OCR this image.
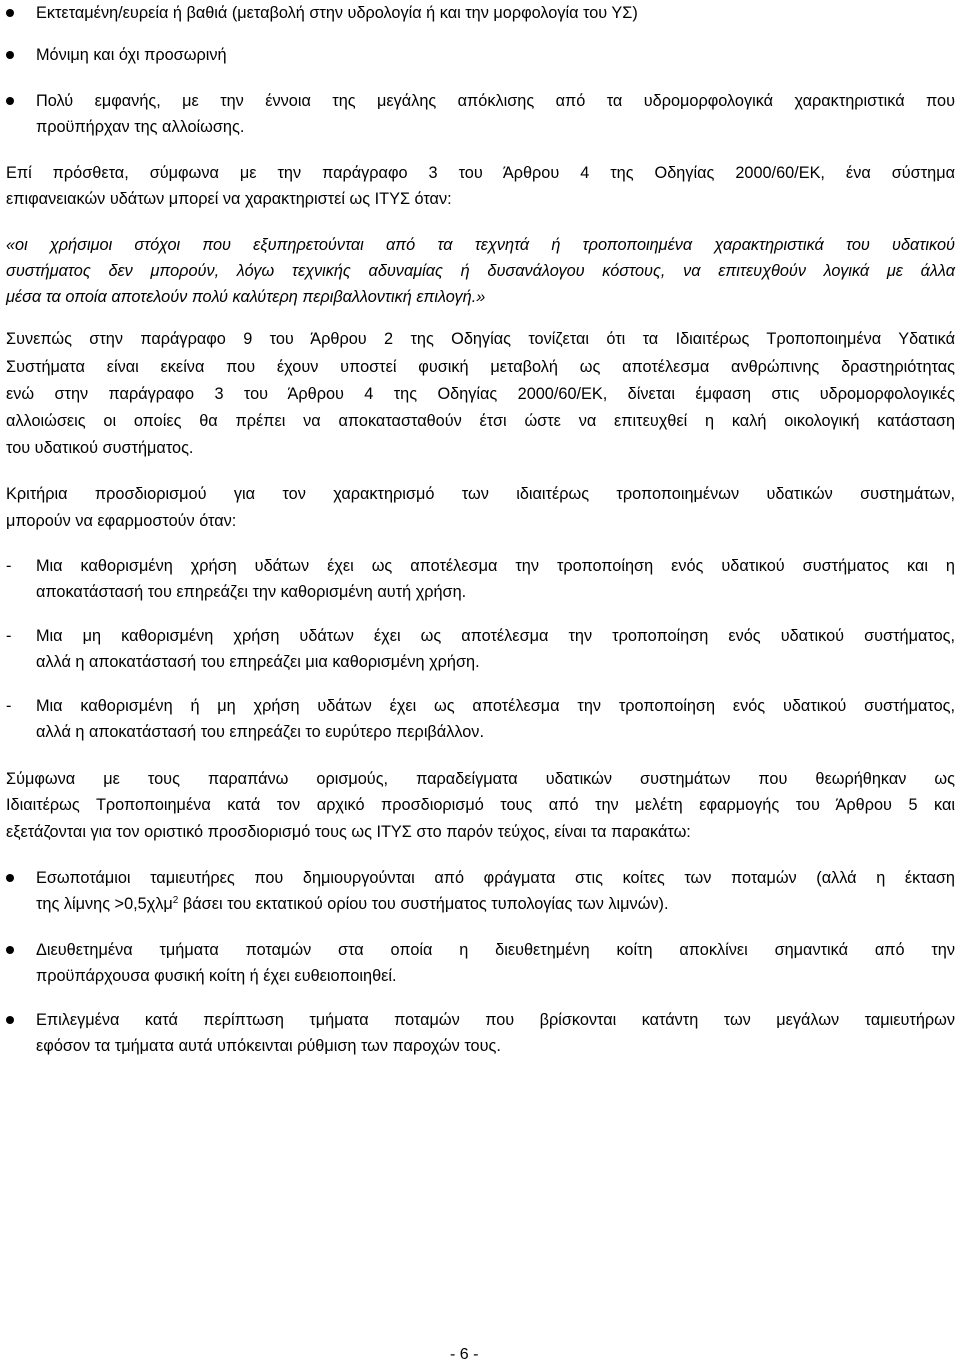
Εκτεταμένη/ευρεία ή βαθιά (μεταβολή στην υδρολογία ή και την μορφολογία του ΥΣ)
Μόνιμη και όχι προσωρινή
Πολύ εμφανής, με την έννοια της μεγάλης απόκλισης από τα υδρομορφολογικά χαρακτηριστικά που
προϋπήρχαν της αλλοίωσης.
Επί πρόσθετα, σύμφωνα με την παράγραφο 3 του Άρθρου 4 της Οδηγίας 2000/60/ΕΚ, ένα σύστημα
επιφανειακών υδάτων μπορεί να χαρακτηριστεί ως ΙΤΥΣ όταν:
«οι χρήσιμοι στόχοι που εξυπηρετούνται από τα τεχνητά ή τροποποιημένα χαρακτηριστικά του υδατικού
συστήματος δεν μπορούν, λόγω τεχνικής αδυναμίας ή δυσανάλογου κόστους, να επιτευχθούν λογικά με άλλα
μέσα τα οποία αποτελούν πολύ καλύτερη περιβαλλοντική επιλογή.»
Συνεπώς στην παράγραφο 9 του Άρθρου 2 της Οδηγίας τονίζεται ότι τα Ιδιαιτέρως Τροποποιημένα Υδατικά
Συστήματα είναι εκείνα που έχουν υποστεί φυσική μεταβολή ως αποτέλεσμα ανθρώπινης δραστηριότητας
ενώ στην παράγραφο 3 του Άρθρου 4 της Οδηγίας 2000/60/ΕΚ, δίνεται έμφαση στις υδρομορφολογικές
αλλοιώσεις οι οποίες θα πρέπει να αποκατασταθούν έτσι ώστε να επιτευχθεί η καλή οικολογική κατάσταση
του υδατικού συστήματος.
Κριτήρια προσδιορισμού για τον χαρακτηρισμό των ιδιαιτέρως τροποποιημένων υδατικών συστημάτων,
μπορούν να εφαρμοστούν όταν:
- Μια καθορισμένη χρήση υδάτων έχει ως αποτέλεσμα την τροποποίηση ενός υδατικού συστήματος και η
αποκατάστασή του επηρεάζει την καθορισμένη αυτή χρήση.
- Μια μη καθορισμένη χρήση υδάτων έχει ως αποτέλεσμα την τροποποίηση ενός υδατικού συστήματος,
αλλά η αποκατάστασή του επηρεάζει μια καθορισμένη χρήση.
- Μια καθορισμένη ή μη χρήση υδάτων έχει ως αποτέλεσμα την τροποποίηση ενός υδατικού συστήματος,
αλλά η αποκατάστασή του επηρεάζει το ευρύτερο περιβάλλον.
Σύμφωνα με τους παραπάνω ορισμούς, παραδείγματα υδατικών συστημάτων που θεωρήθηκαν ως
Ιδιαιτέρως Τροποποιημένα κατά τον αρχικό προσδιορισμό τους από την μελέτη εφαρμογής του Άρθρου 5 και
εξετάζονται για τον οριστικό προσδιορισμό τους ως ΙΤΥΣ στο παρόν τεύχος, είναι τα παρακάτω:
Εσωποτάμιοι ταμιευτήρες που δημιουργούνται από φράγματα στις κοίτες των ποταμών (αλλά η έκταση
της λίμνης >0,5χλμ$^2$ βάσει του εκτατικού ορίου του συστήματος τυπολογίας των λιμνών).
Διευθετημένα τμήματα ποταμών στα οποία η διευθετημένη κοίτη αποκλίνει σημαντικά από την
προϋπάρχουσα φυσική κοίτη ή έχει ευθειοποιηθεί.
Επιλεγμένα κατά περίπτωση τμήματα ποταμών που βρίσκονται κατάντη των μεγάλων ταμιευτήρων
εφόσον τα τμήματα αυτά υπόκεινται ρύθμιση των παροχών τους.
- 6 -
